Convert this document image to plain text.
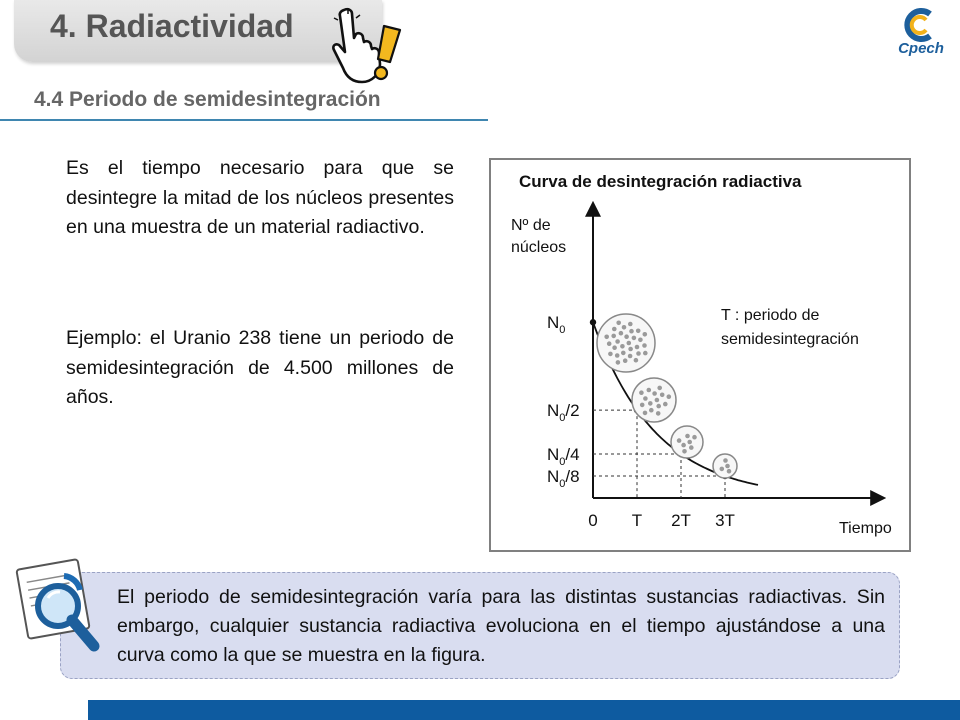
4. Radiactividad
Cpech
4.4 Periodo de semidesintegración
Es el tiempo necesario para que se desintegre la mitad de los núcleos presentes en una muestra de un material radiactivo.
Ejemplo: el Uranio 238 tiene un periodo de semidesintegración de 4.500 millones de años.
Curva de desintegración radiactiva
Nº de
núcleos
T : periodo de
semidesintegración
Tiempo
0 T 2T 3T
$N_0$
$N_0/2$
$N_0/4$
$N_0/8$
El periodo de semidesintegración varía para las distintas sustancias radiactivas. Sin embargo, cualquier sustancia radiactiva evoluciona en el tiempo ajustándose a una curva como la que se muestra en la figura.
